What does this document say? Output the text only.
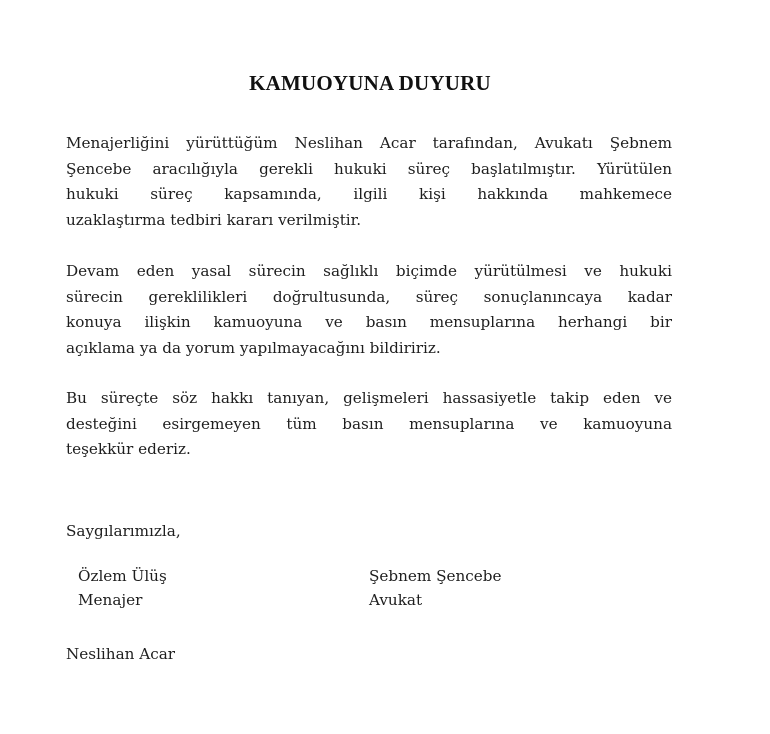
KAMUOYUNA DUYURU
Menajerliğini yürüttüğüm Neslihan Acar tarafından, Avukatı Şebnem
Şencebe aracılığıyla gerekli hukuki süreç başlatılmıştır. Yürütülen
hukuki süreç kapsamında, ilgili kişi hakkında mahkemece
uzaklaştırma tedbiri kararı verilmiştir.
Devam eden yasal sürecin sağlıklı biçimde yürütülmesi ve hukuki
sürecin gereklilikleri doğrultusunda, süreç sonuçlanıncaya kadar
konuya ilişkin kamuoyuna ve basın mensuplarına herhangi bir
açıklama ya da yorum yapılmayacağını bildiririz.
Bu süreçte söz hakkı tanıyan, gelişmeleri hassasiyetle takip eden ve
desteğini esirgemeyen tüm basın mensuplarına ve kamuoyuna
teşekkür ederiz.
Saygılarımızla,
Özlem Ülüş
Menajer
Şebnem Şencebe
Avukat
Neslihan Acar
